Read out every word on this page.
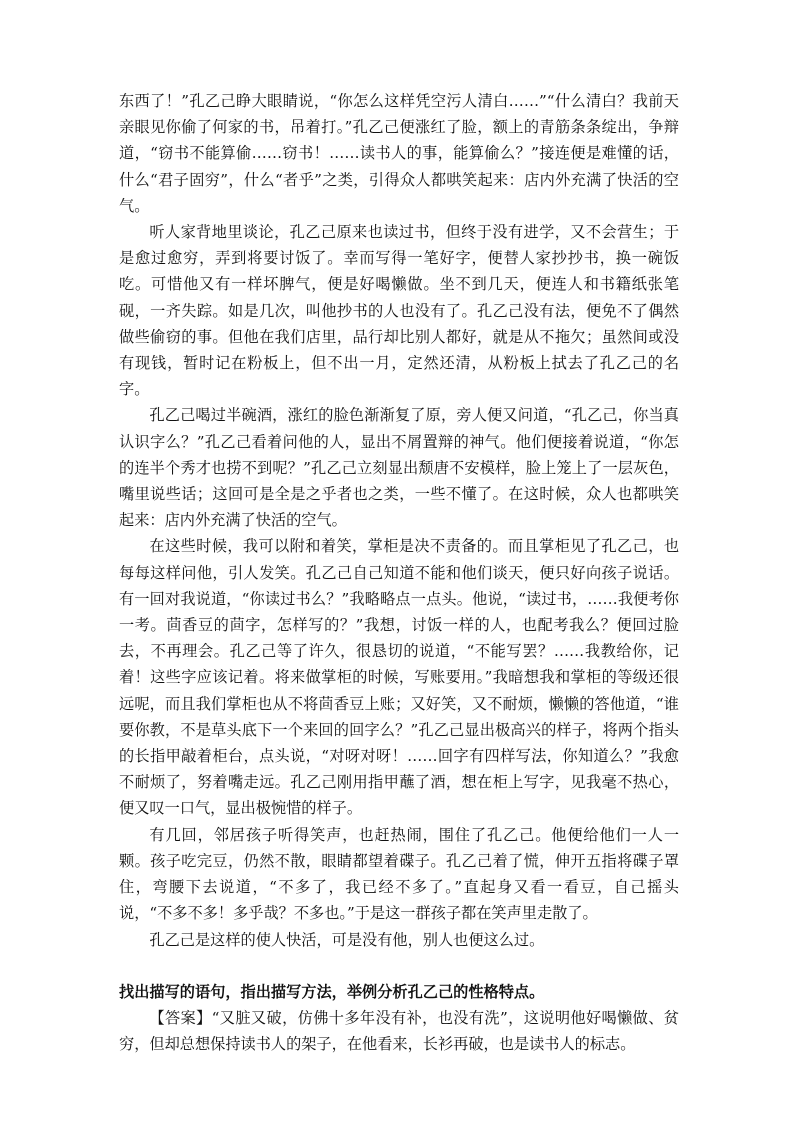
东西了！”孔乙己睁大眼睛说，“你怎么这样凭空污人清白……”“什么清白？我前天亲眼见你偷了何家的书，吊着打。”孔乙己便涨红了脸，额上的青筋条条绽出，争辩道，“窃书不能算偷……窃书！……读书人的事，能算偷么？”接连便是难懂的话，什么“君子固穷”，什么“者乎”之类，引得众人都哄笑起来：店内外充满了快活的空气。

听人家背地里谈论，孔乙己原来也读过书，但终于没有进学，又不会营生；于是愈过愈穷，弄到将要讨饭了。幸而写得一笔好字，便替人家抄抄书，换一碗饭吃。可惜他又有一样坏脾气，便是好喝懒做。坐不到几天，便连人和书籍纸张笔砚，一齐失踪。如是几次，叫他抄书的人也没有了。孔乙己没有法，便免不了偶然做些偷窃的事。但他在我们店里，品行却比别人都好，就是从不拖欠；虽然间或没有现钱，暂时记在粉板上，但不出一月，定然还清，从粉板上拭去了孔乙己的名字。

孔乙己喝过半碗酒，涨红的脸色渐渐复了原，旁人便又问道，“孔乙己，你当真认识字么？”孔乙己看着问他的人，显出不屑置辩的神气。他们便接着说道，“你怎的连半个秀才也捞不到呢？”孔乙己立刻显出颓唐不安模样，脸上笼上了一层灰色，嘴里说些话；这回可是全是之乎者也之类，一些不懂了。在这时候，众人也都哄笑起来：店内外充满了快活的空气。

在这些时候，我可以附和着笑，掌柜是决不责备的。而且掌柜见了孔乙己，也每每这样问他，引人发笑。孔乙己自己知道不能和他们谈天，便只好向孩子说话。有一回对我说道，“你读过书么？”我略略点一点头。他说，“读过书，……我便考你一考。茴香豆的茴字，怎样写的？”我想，讨饭一样的人，也配考我么？便回过脸去，不再理会。孔乙己等了许久，很恳切的说道，“不能写罢？……我教给你，记着！这些字应该记着。将来做掌柜的时候，写账要用。”我暗想我和掌柜的等级还很远呢，而且我们掌柜也从不将茴香豆上账；又好笑，又不耐烦，懒懒的答他道，“谁要你教，不是草头底下一个来回的回字么？”孔乙己显出极高兴的样子，将两个指头的长指甲敲着柜台，点头说，“对呀对呀！……回字有四样写法，你知道么？”我愈不耐烦了，努着嘴走远。孔乙己刚用指甲蘸了酒，想在柜上写字，见我毫不热心，便又叹一口气，显出极惋惜的样子。

有几回，邻居孩子听得笑声，也赶热闹，围住了孔乙己。他便给他们一人一颗。孩子吃完豆，仍然不散，眼睛都望着碟子。孔乙己着了慌，伸开五指将碟子罩住，弯腰下去说道，“不多了，我已经不多了。”直起身又看一看豆，自己摇头说，“不多不多！多乎哉？不多也。”于是这一群孩子都在笑声里走散了。

孔乙己是这样的使人快活，可是没有他，别人也便这么过。

找出描写的语句，指出描写方法，举例分析孔乙己的性格特点。

【答案】“又脏又破，仿佛十多年没有补，也没有洗”，这说明他好喝懒做、贫穷，但却总想保持读书人的架子，在他看来，长衫再破，也是读书人的标志。
